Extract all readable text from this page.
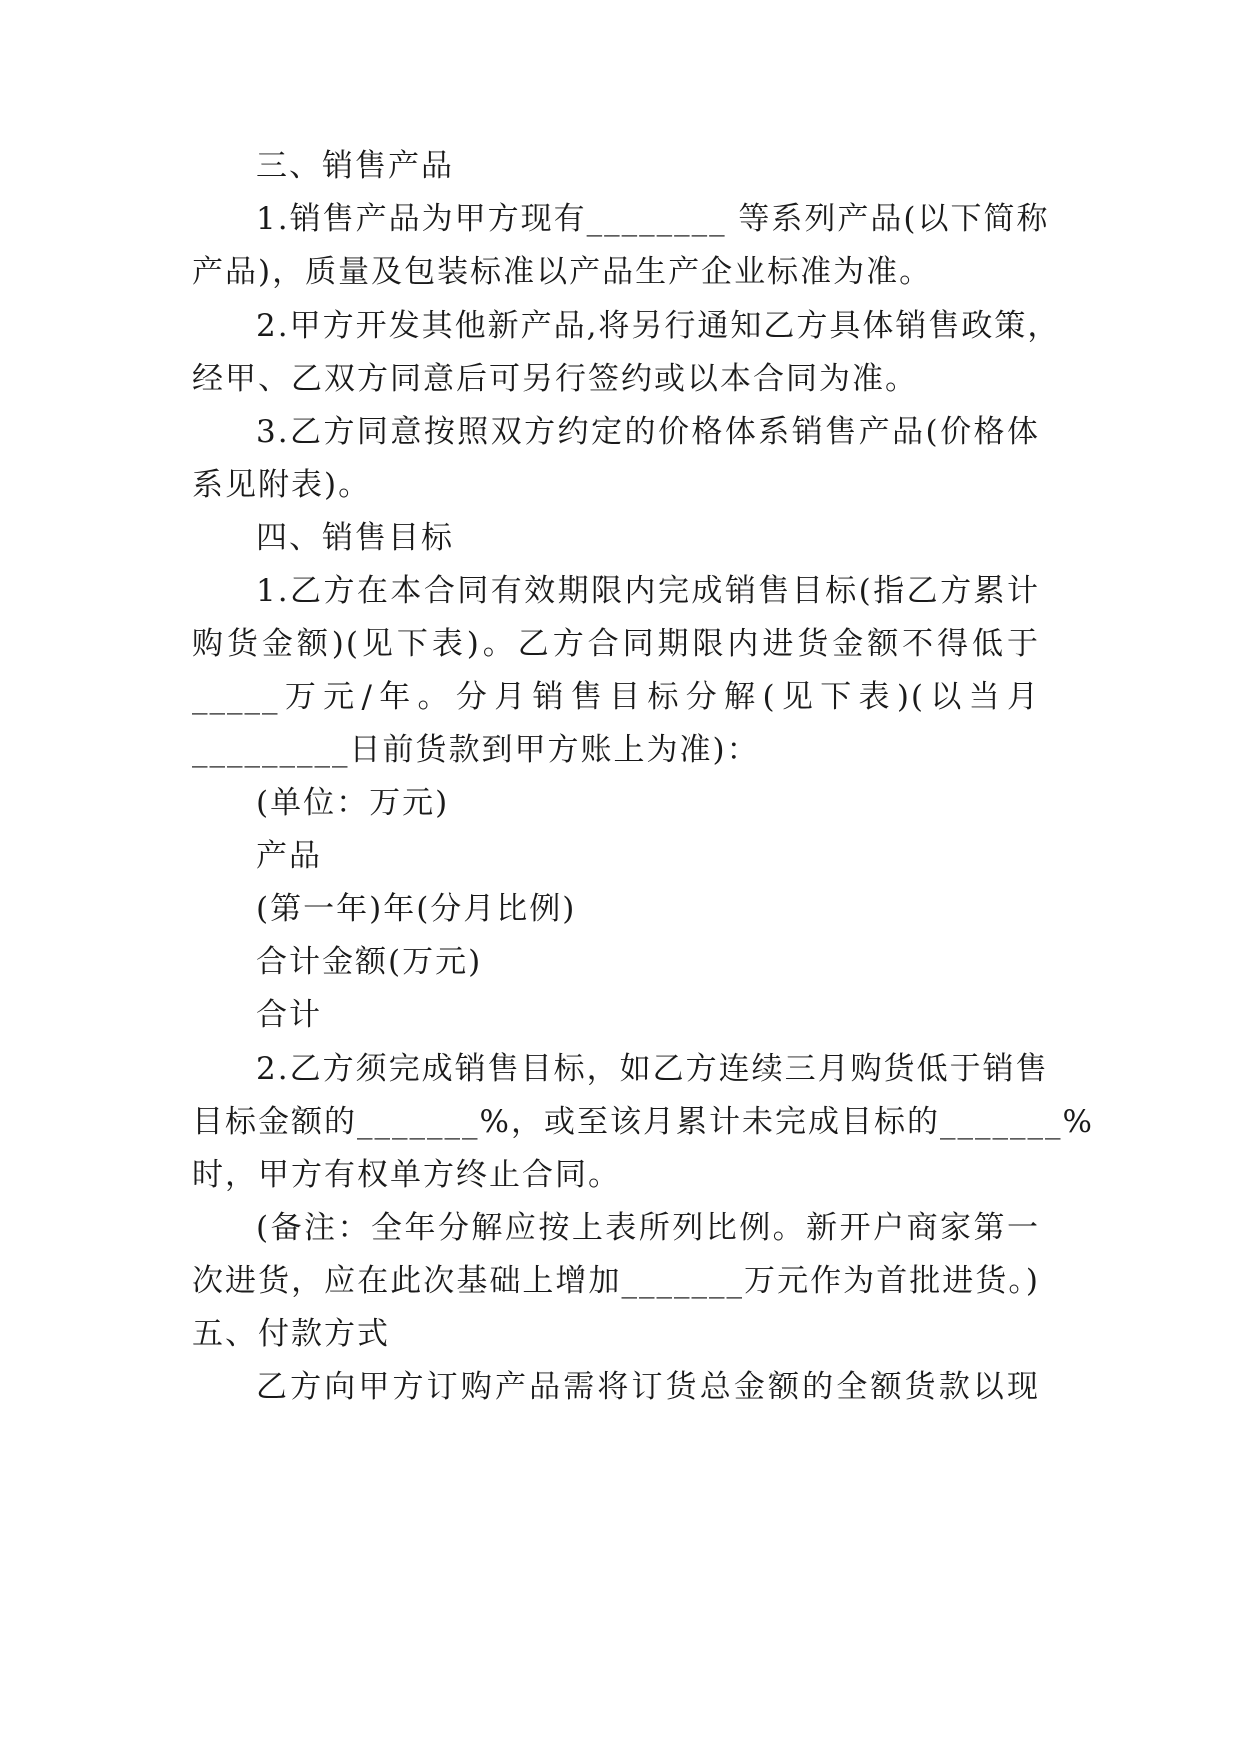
三、销售产品
1.销售产品为甲方现有________ 等系列产品(以下简称
产品)，质量及包装标准以产品生产企业标准为准。
2.甲方开发其他新产品,将另行通知乙方具体销售政策，
经甲、乙双方同意后可另行签约或以本合同为准。
3.乙方同意按照双方约定的价格体系销售产品(价格体
系见附表)。
四、销售目标
1.乙方在本合同有效期限内完成销售目标(指乙方累计
购货金额)(见下表)。乙方合同期限内进货金额不得低于
_____万元/年。分月销售目标分解(见下表)(以当月
_________日前货款到甲方账上为准)：
(单位：万元)
产品
(第一年)年(分月比例)
合计金额(万元)
合计
2.乙方须完成销售目标，如乙方连续三月购货低于销售
目标金额的_______%，或至该月累计未完成目标的_______%
时，甲方有权单方终止合同。
(备注：全年分解应按上表所列比例。新开户商家第一
次进货，应在此次基础上增加_______万元作为首批进货。)
五、付款方式
乙方向甲方订购产品需将订货总金额的全额货款以现
